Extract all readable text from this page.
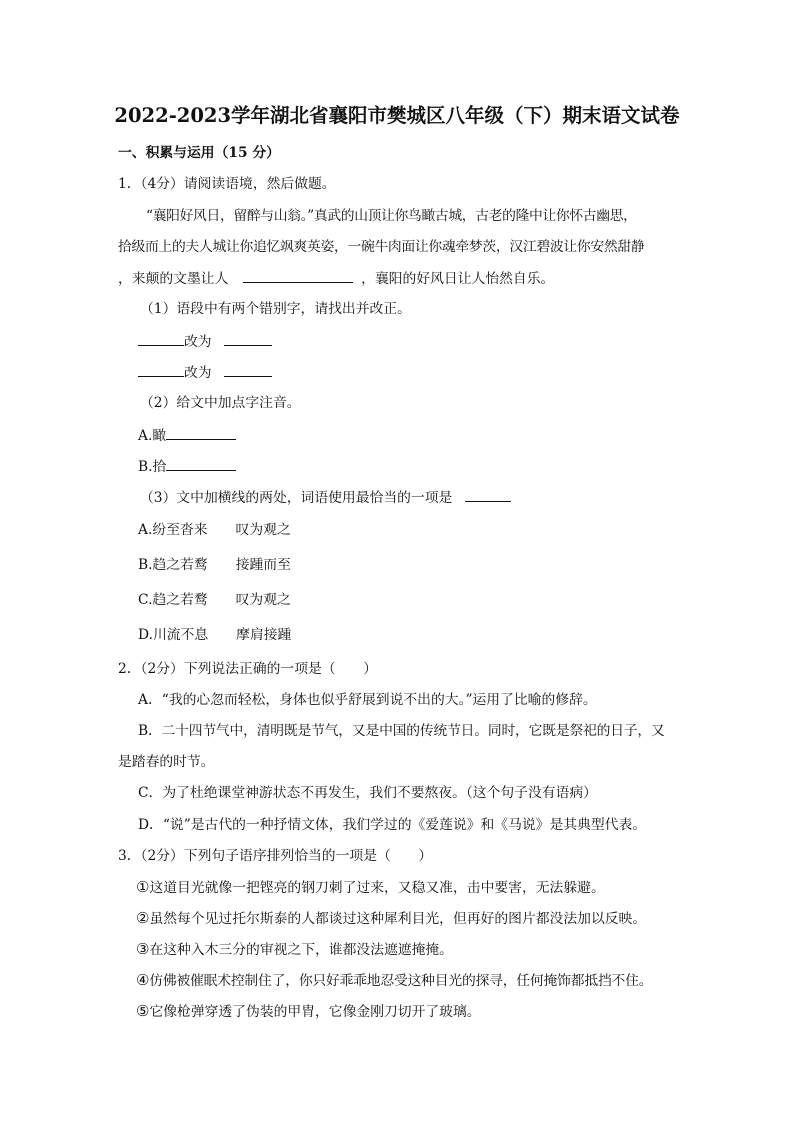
2022-2023学年湖北省襄阳市樊城区八年级（下）期末语文试卷
一、积累与运用（15 分）
1．（4分）请阅读语境，然后做题。
“襄阳好风日，留醉与山翁。”真武的山顶让你鸟瞰古城，古老的隆中让你怀古幽思，
拾级而上的夫人城让你追忆飒爽英姿，一碗牛肉面让你魂牵梦茨，汉江碧波让你安然甜静
，来颠的文墨让人	，襄阳的好风日让人怡然自乐。
（1）语段中有两个错别字，请找出并改正。
改为
改为
（2）给文中加点字注音。
A.瞰
B.拾
（3）文中加横线的两处，词语使用最恰当的一项是
A.纷至沓来 叹为观之
B.趋之若鹜 接踵而至
C.趋之若鹜 叹为观之
D.川流不息 摩肩接踵
2．（2分）下列说法正确的一项是（　　）
A．“我的心忽而轻松，身体也似乎舒展到说不出的大。”运用了比喻的修辞。
B．二十四节气中，清明既是节气，又是中国的传统节日。同时，它既是祭祀的日子，又
是踏春的时节。
C．为了杜绝课堂神游状态不再发生，我们不要熬夜。（这个句子没有语病）
D．“说”是古代的一种抒情文体，我们学过的《爱莲说》和《马说》是其典型代表。
3．（2分）下列句子语序排列恰当的一项是（　　）
①这道目光就像一把铿亮的钢刀刺了过来，又稳又准，击中要害，无法躲避。
②虽然每个见过托尔斯泰的人都谈过这种犀利目光，但再好的图片都没法加以反映。
③在这种入木三分的审视之下，谁都没法遮遮掩掩。
④仿佛被催眠术控制住了，你只好乖乖地忍受这种目光的探寻，任何掩饰都抵挡不住。
⑤它像枪弹穿透了伪装的甲胄，它像金刚刀切开了玻璃。
